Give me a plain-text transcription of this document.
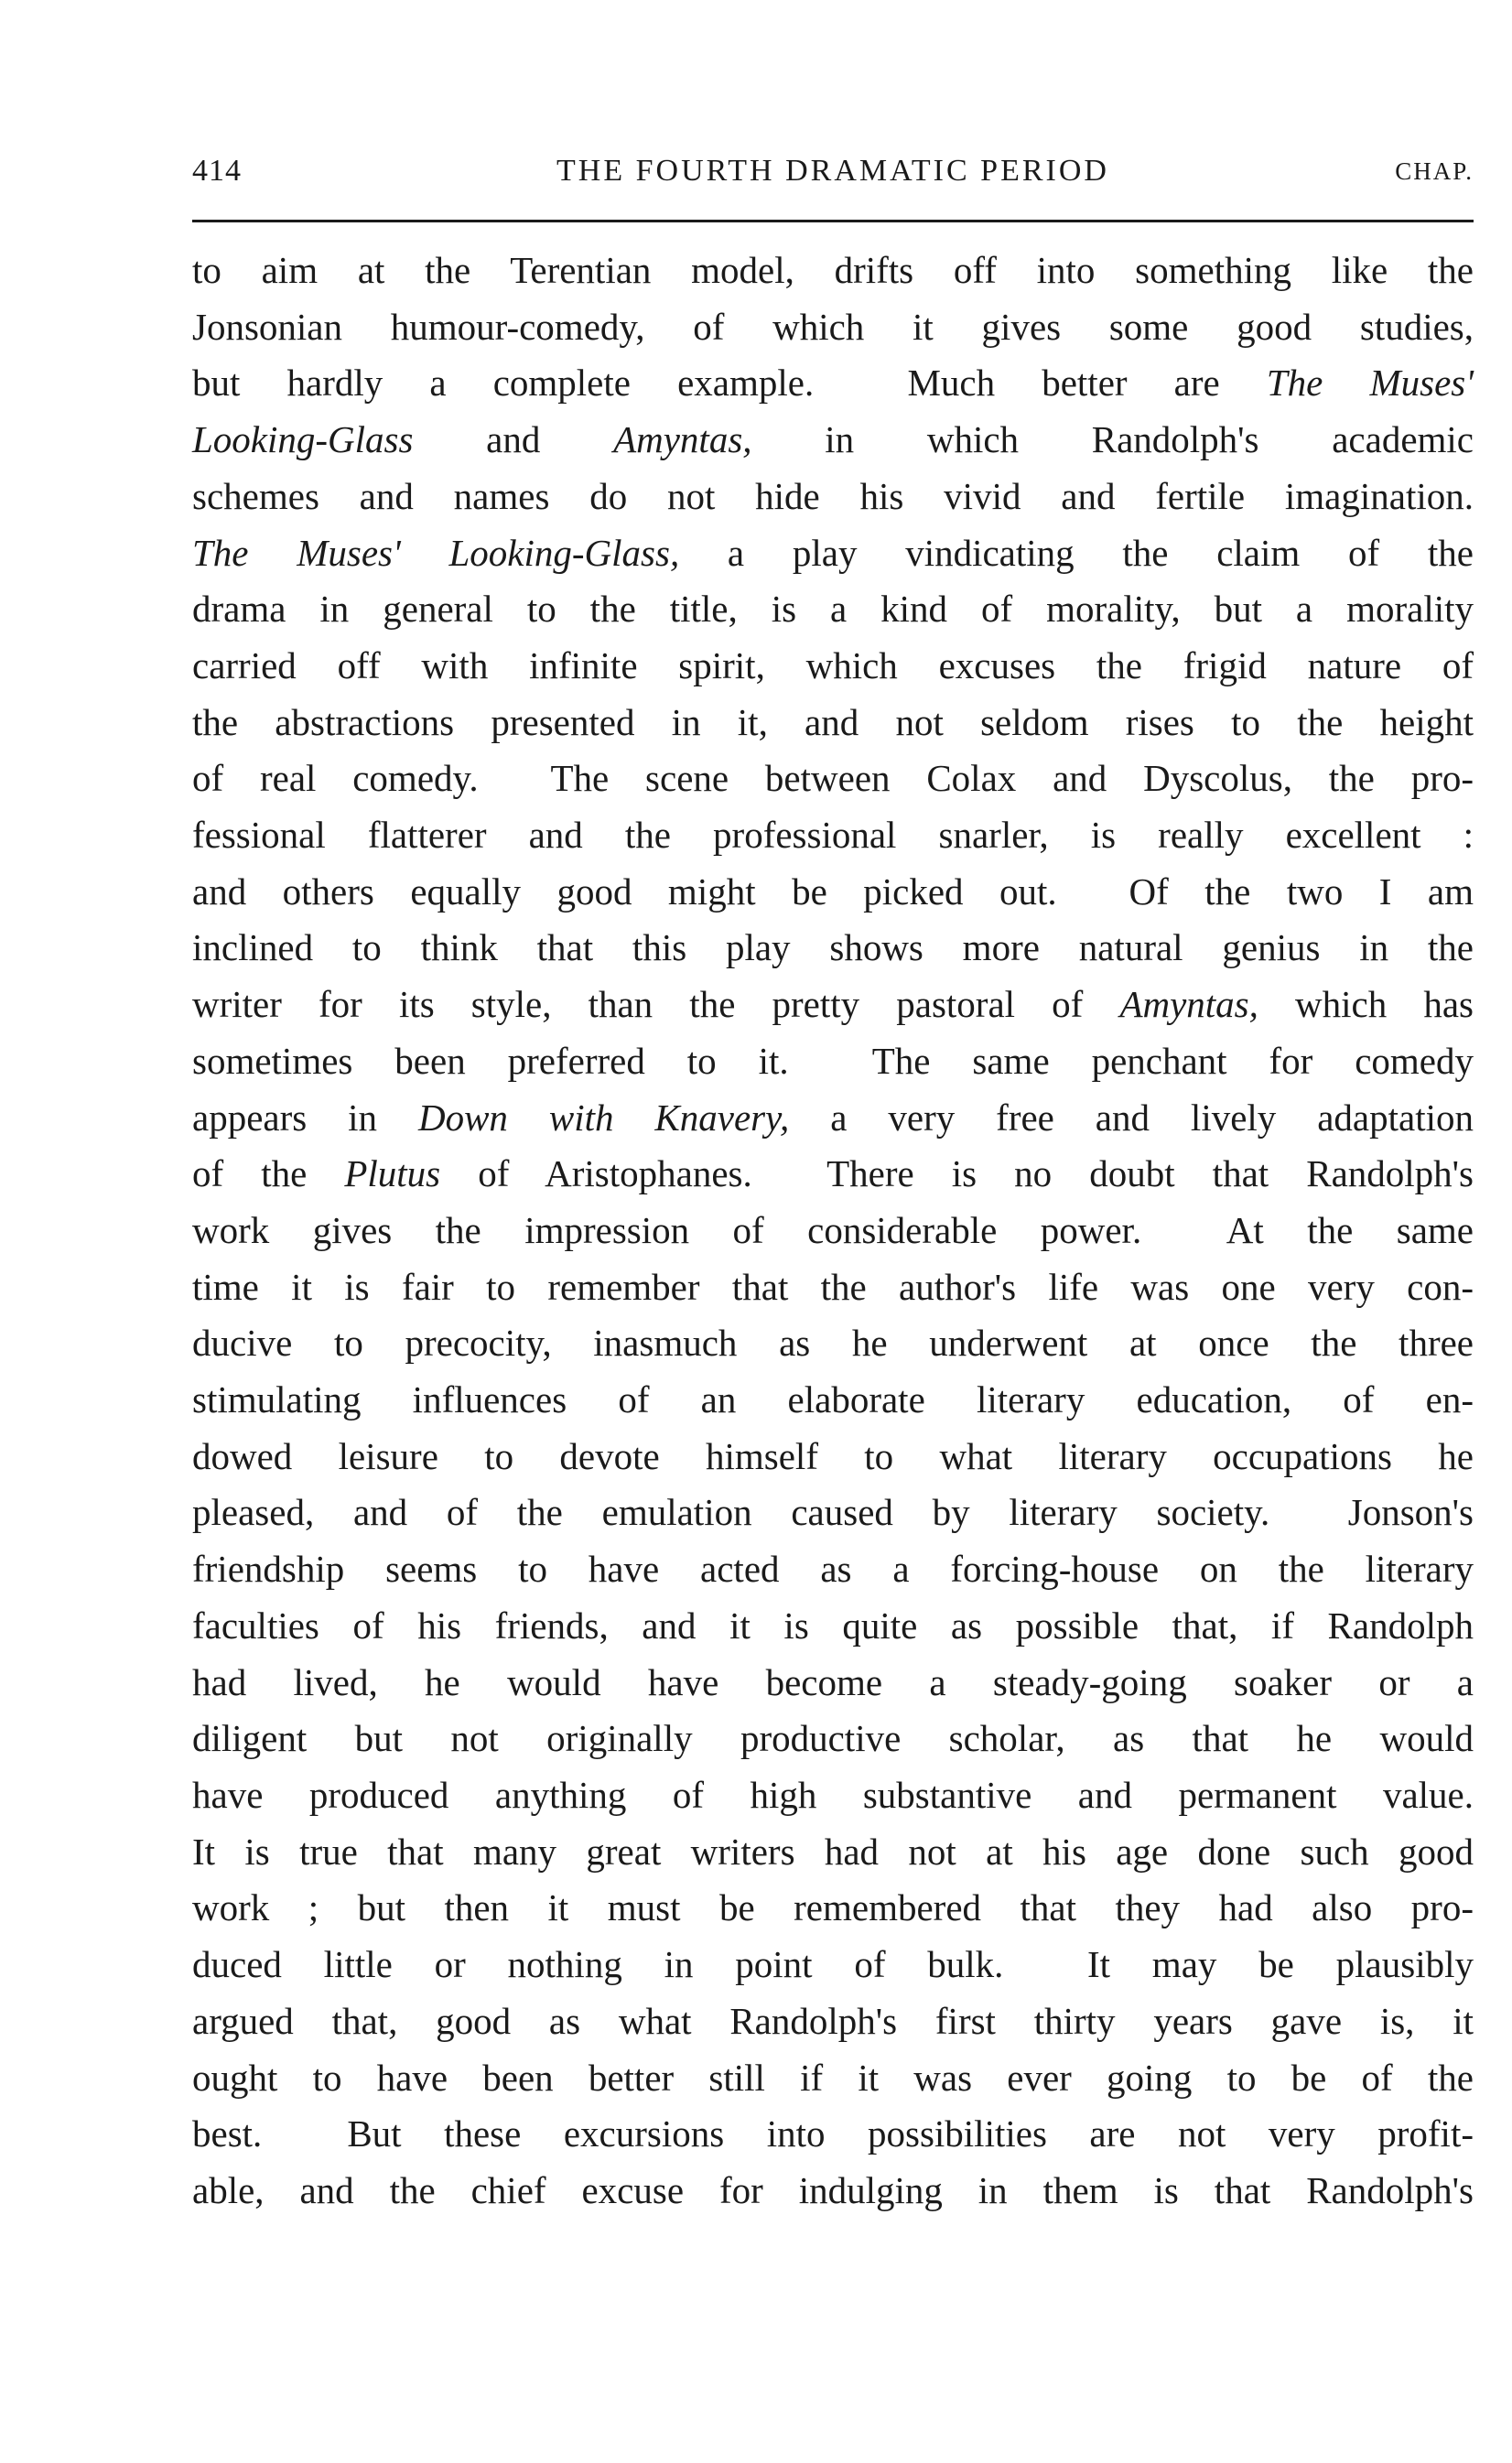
414	THE FOURTH DRAMATIC PERIOD	CHAP.
to aim at the Terentian model, drifts off into something like the
Jonsonian humour-comedy, of which it gives some good studies,
but hardly a complete example.  Much better are The Muses'
Looking-Glass and Amyntas, in which Randolph's academic
schemes and names do not hide his vivid and fertile imagination.
The Muses' Looking-Glass, a play vindicating the claim of the
drama in general to the title, is a kind of morality, but a morality
carried off with infinite spirit, which excuses the frigid nature of
the abstractions presented in it, and not seldom rises to the height
of real comedy.  The scene between Colax and Dyscolus, the pro-
fessional flatterer and the professional snarler, is really excellent :
and others equally good might be picked out.  Of the two I am
inclined to think that this play shows more natural genius in the
writer for its style, than the pretty pastoral of Amyntas, which has
sometimes been preferred to it.  The same penchant for comedy
appears in Down with Knavery, a very free and lively adaptation
of the Plutus of Aristophanes.  There is no doubt that Randolph's
work gives the impression of considerable power.  At the same
time it is fair to remember that the author's life was one very con-
ducive to precocity, inasmuch as he underwent at once the three
stimulating influences of an elaborate literary education, of en-
dowed leisure to devote himself to what literary occupations he
pleased, and of the emulation caused by literary society.  Jonson's
friendship seems to have acted as a forcing-house on the literary
faculties of his friends, and it is quite as possible that, if Randolph
had lived, he would have become a steady-going soaker or a
diligent but not originally productive scholar, as that he would
have produced anything of high substantive and permanent value.
It is true that many great writers had not at his age done such good
work ; but then it must be remembered that they had also pro-
duced little or nothing in point of bulk.  It may be plausibly
argued that, good as what Randolph's first thirty years gave is, it
ought to have been better still if it was ever going to be of the
best.  But these excursions into possibilities are not very profit-
able, and the chief excuse for indulging in them is that Randolph's
